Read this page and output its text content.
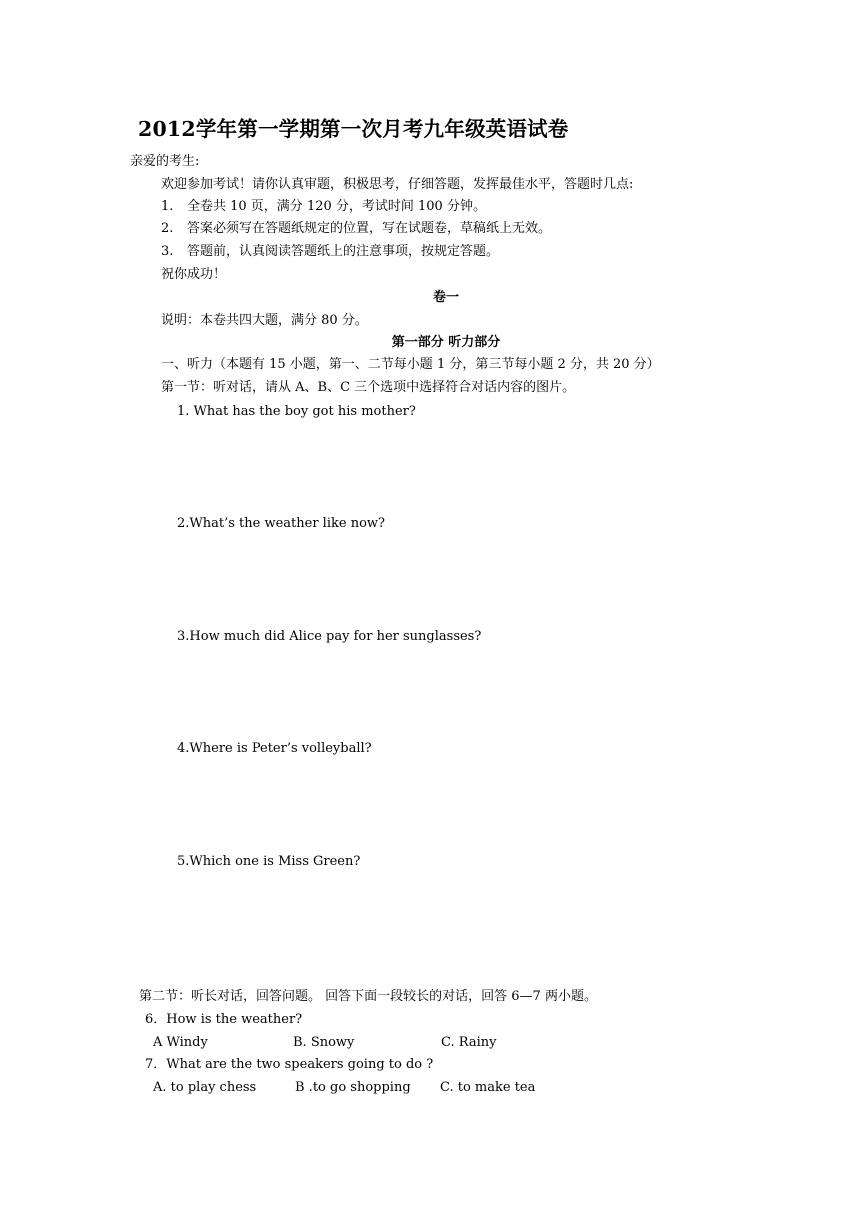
2012学年第一学期第一次月考九年级英语试卷
亲爱的考生:
欢迎参加考试！请你认真审题，积极思考，仔细答题，发挥最佳水平，答题时几点:
1. 全卷共 10 页，满分 120 分，考试时间 100 分钟。
2. 答案必须写在答题纸规定的位置，写在试题卷，草稿纸上无效。
3. 答题前，认真阅读答题纸上的注意事项，按规定答题。
祝你成功！
卷一
说明：本卷共四大题，满分 80 分。
第一部分 听力部分
一、听力（本题有 15 小题，第一、二节每小题 1 分，第三节每小题 2 分，共 20 分）
第一节：听对话，请从 A、B、C 三个选项中选择符合对话内容的图片。
1. What has the boy got his mother?
2.What’s the weather like now?
3.How much did Alice pay for her sunglasses?
4.Where is Peter’s volleyball?
5.Which one is Miss Green?
第二节：听长对话，回答问题。 回答下面一段较长的对话，回答 6—7 两小题。
6．How is the weather?
A Windy	B. Snowy	C. Rainy
7．What are the two speakers going to do ?
A. to play chess	B .to go shopping C. to make tea
